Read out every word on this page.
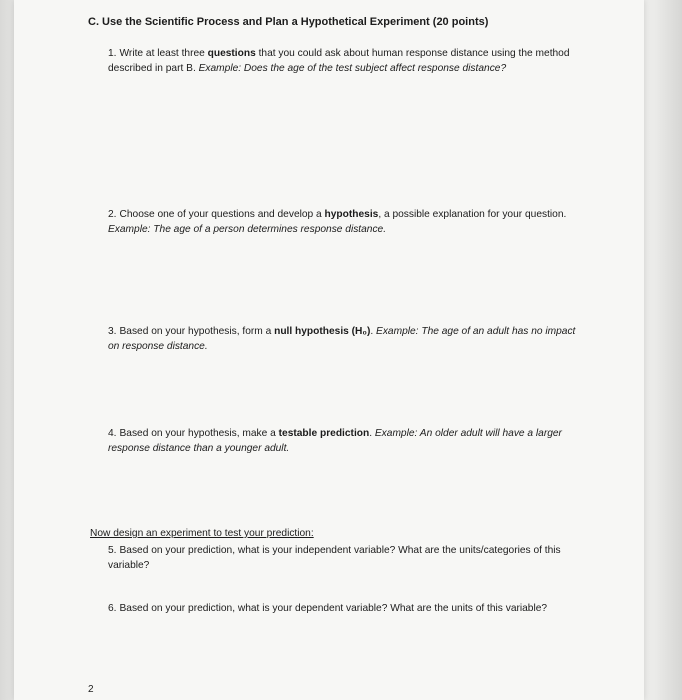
C. Use the Scientific Process and Plan a Hypothetical Experiment (20 points)
1. Write at least three questions that you could ask about human response distance using the method described in part B. Example: Does the age of the test subject affect response distance?
2. Choose one of your questions and develop a hypothesis, a possible explanation for your question. Example: The age of a person determines response distance.
3. Based on your hypothesis, form a null hypothesis (H₀). Example: The age of an adult has no impact on response distance.
4. Based on your hypothesis, make a testable prediction. Example: An older adult will have a larger response distance than a younger adult.
Now design an experiment to test your prediction:
5. Based on your prediction, what is your independent variable? What are the units/categories of this variable?
6. Based on your prediction, what is your dependent variable? What are the units of this variable?
2
